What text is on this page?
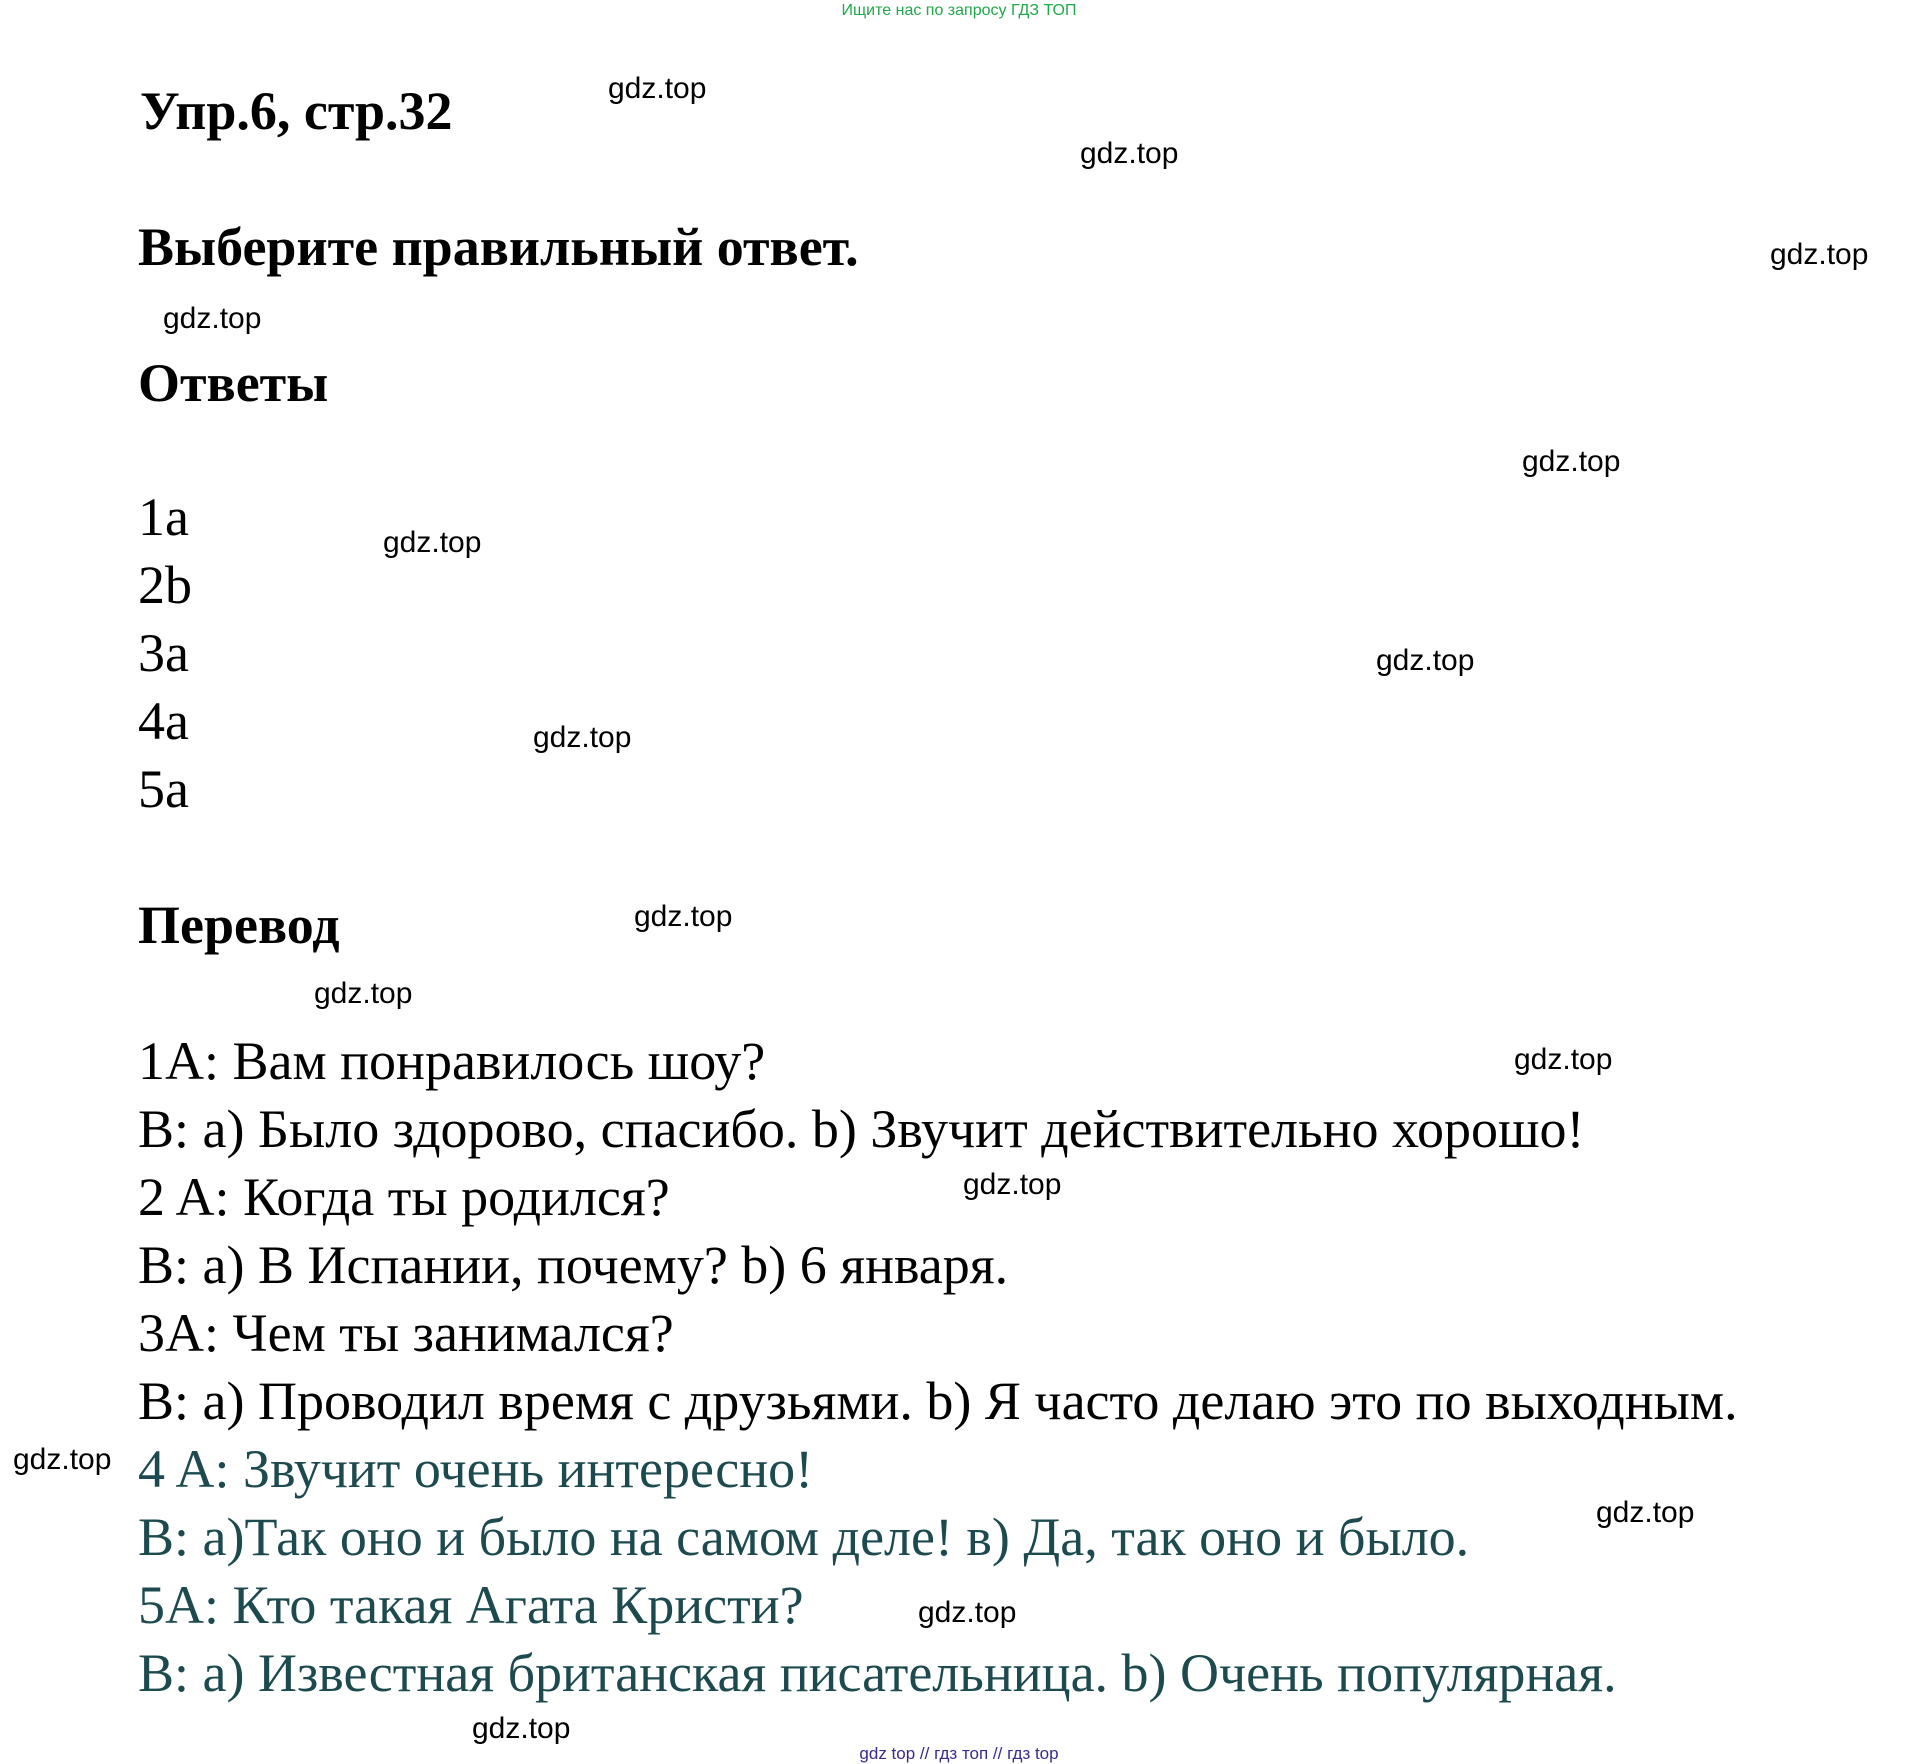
Ищите нас по запросу ГДЗ ТОП
Упр.6, стр.32
Выберите правильный ответ.
Ответы
1a
2b
3a
4a
5a
Перевод
1A: Вам понравилось шоу?
B: a) Было здорово, спасибо. b) Звучит действительно хорошо!
2 A: Когда ты родился?
B: a) В Испании, почему? b) 6 января.
3A: Чем ты занимался?
B: a) Проводил время с друзьями. b) Я часто делаю это по выходным.
4 A: Звучит очень интересно!
B: a)Так оно и было на самом деле! в) Да, так оно и было.
5A: Кто такая Агата Кристи?
B: a) Известная британская писательница. b) Очень популярная.
gdz.top
gdz.top
gdz.top
gdz.top
gdz.top
gdz.top
gdz.top
gdz.top
gdz.top
gdz.top
gdz.top
gdz.top
gdz.top
gdz.top
gdz.top
gdz.top
gdz top // гдз топ // гдз top
